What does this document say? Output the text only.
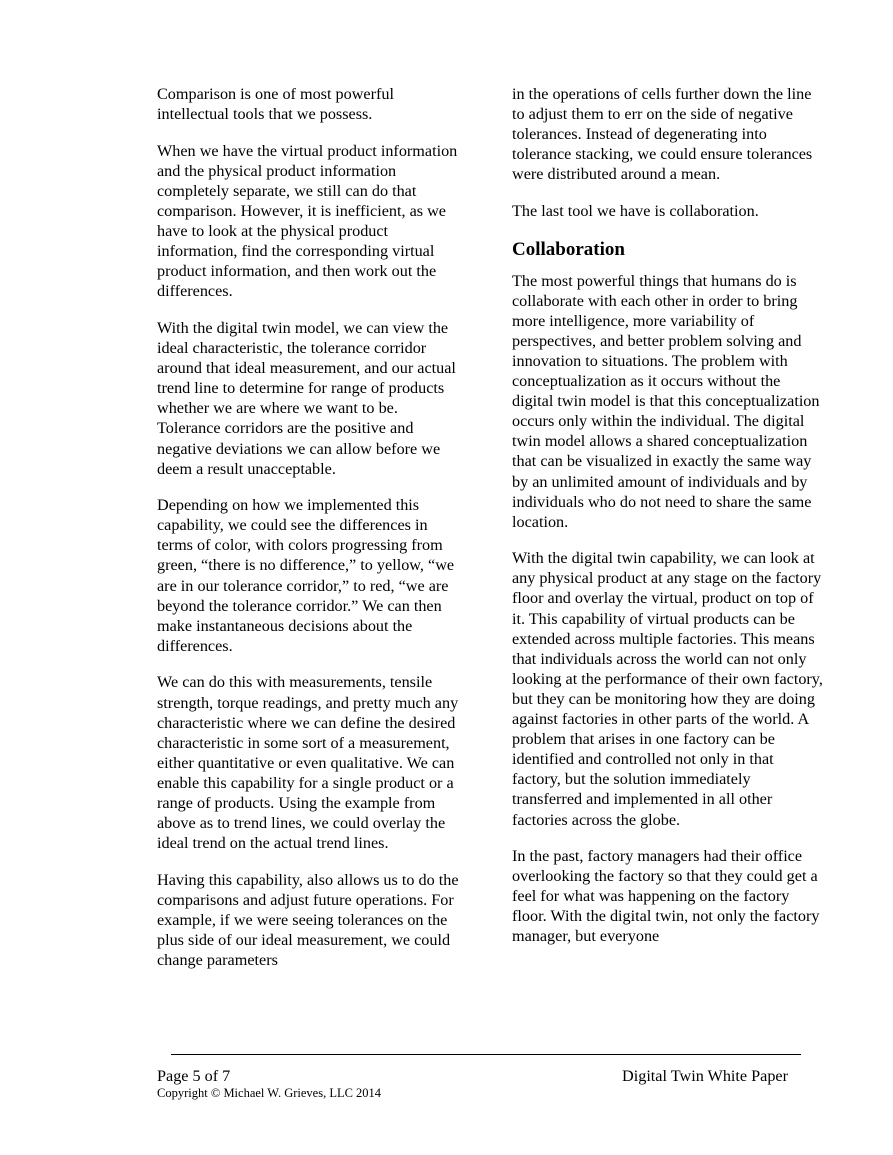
Comparison is one of most powerful intellectual tools that we possess.

When we have the virtual product information and the physical product information completely separate, we still can do that comparison. However, it is inefficient, as we have to look at the physical product information, find the corresponding virtual product information, and then work out the differences.

With the digital twin model, we can view the ideal characteristic, the tolerance corridor around that ideal measurement, and our actual trend line to determine for range of products whether we are where we want to be. Tolerance corridors are the positive and negative deviations we can allow before we deem a result unacceptable.

Depending on how we implemented this capability, we could see the differences in terms of color, with colors progressing from green, “there is no difference,” to yellow, “we are in our tolerance corridor,” to red, “we are beyond the tolerance corridor.” We can then make instantaneous decisions about the differences.

We can do this with measurements, tensile strength, torque readings, and pretty much any characteristic where we can define the desired characteristic in some sort of a measurement, either quantitative or even qualitative. We can enable this capability for a single product or a range of products. Using the example from above as to trend lines, we could overlay the ideal trend on the actual trend lines.

Having this capability, also allows us to do the comparisons and adjust future operations. For example, if we were seeing tolerances on the plus side of our ideal measurement, we could change parameters

in the operations of cells further down the line to adjust them to err on the side of negative tolerances. Instead of degenerating into tolerance stacking, we could ensure tolerances were distributed around a mean.

The last tool we have is collaboration.

Collaboration

The most powerful things that humans do is collaborate with each other in order to bring more intelligence, more variability of perspectives, and better problem solving and innovation to situations. The problem with conceptualization as it occurs without the digital twin model is that this conceptualization occurs only within the individual. The digital twin model allows a shared conceptualization that can be visualized in exactly the same way by an unlimited amount of individuals and by individuals who do not need to share the same location.

With the digital twin capability, we can look at any physical product at any stage on the factory floor and overlay the virtual, product on top of it. This capability of virtual products can be extended across multiple factories. This means that individuals across the world can not only looking at the performance of their own factory, but they can be monitoring how they are doing against factories in other parts of the world. A problem that arises in one factory can be identified and controlled not only in that factory, but the solution immediately transferred and implemented in all other factories across the globe.

In the past, factory managers had their office overlooking the factory so that they could get a feel for what was happening on the factory floor. With the digital twin, not only the factory manager, but everyone

Page 5 of 7	Digital Twin White Paper
Copyright © Michael W. Grieves, LLC 2014
